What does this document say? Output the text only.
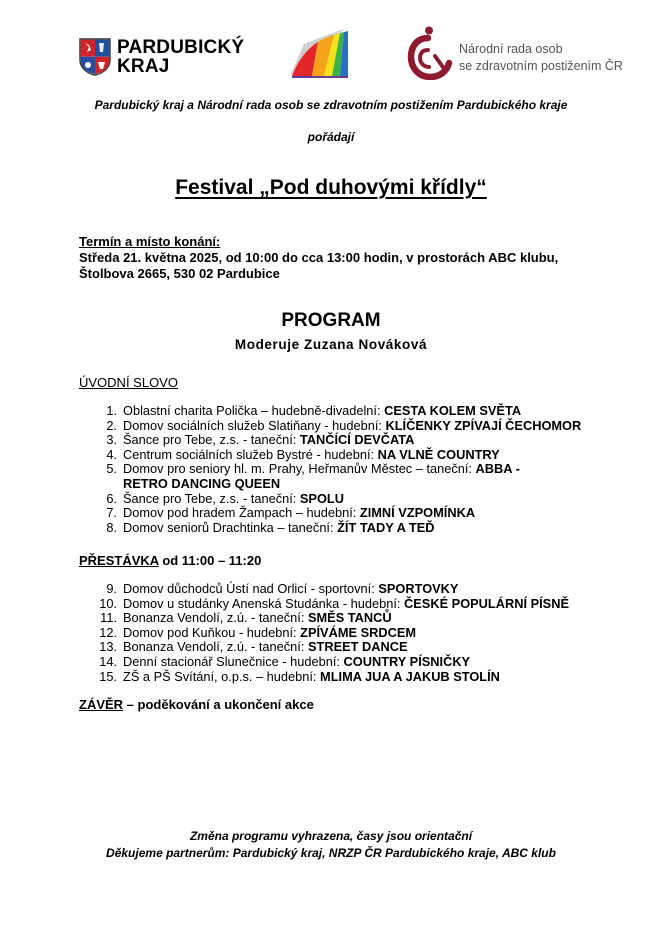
PARDUBICKÝ
KRAJ
Národní rada osob
se zdravotním postižením ČR
Pardubický kraj a Národní rada osob se zdravotním postižením Pardubického kraje
pořádají
Festival „Pod duhovými křídly“
Termín a místo konání:
Středa 21. května 2025, od 10:00 do cca 13:00 hodin, v prostorách ABC klubu,
Štolbova 2665, 530 02 Pardubice
PROGRAM
Moderuje Zuzana Nováková
ÚVODNÍ SLOVO
1. Oblastní charita Polička – hudebně-divadelní: CESTA KOLEM SVĚTA
2. Domov sociálních služeb Slatiňany - hudební: KLÍČENKY ZPÍVAJÍ ČECHOMOR
3. Šance pro Tebe, z.s. - taneční: TANČÍCÍ DEVČATA
4. Centrum sociálních služeb Bystré - hudební: NA VLNĚ COUNTRY
5. Domov pro seniory hl. m. Prahy, Heřmanův Městec – taneční: ABBA - RETRO DANCING QUEEN
6. Šance pro Tebe, z.s. - taneční: SPOLU
7. Domov pod hradem Žampach – hudební: ZIMNÍ VZPOMÍNKA
8. Domov seniorů Drachtinka – taneční: ŽÍT TADY A TEĎ
PŘESTÁVKA od 11:00 – 11:20
9. Domov důchodců Ústí nad Orlicí - sportovní: SPORTOVKY
10. Domov u studánky Anenská Studánka - hudební: ČESKÉ POPULÁRNÍ PÍSNĚ
11. Bonanza Vendolí, z.ú. - taneční: SMĚS TANCŮ
12. Domov pod Kuňkou - hudební: ZPÍVÁME SRDCEM
13. Bonanza Vendolí, z.ú. - taneční: STREET DANCE
14. Denní stacionář Slunečnice - hudební: COUNTRY PÍSNIČKY
15. ZŠ a PŠ Svítání, o.p.s. – hudební: MLIMA JUA A JAKUB STOLÍN
ZÁVĚR – poděkování a ukončení akce
Změna programu vyhrazena, časy jsou orientační
Děkujeme partnerům: Pardubický kraj, NRZP ČR Pardubického kraje, ABC klub
